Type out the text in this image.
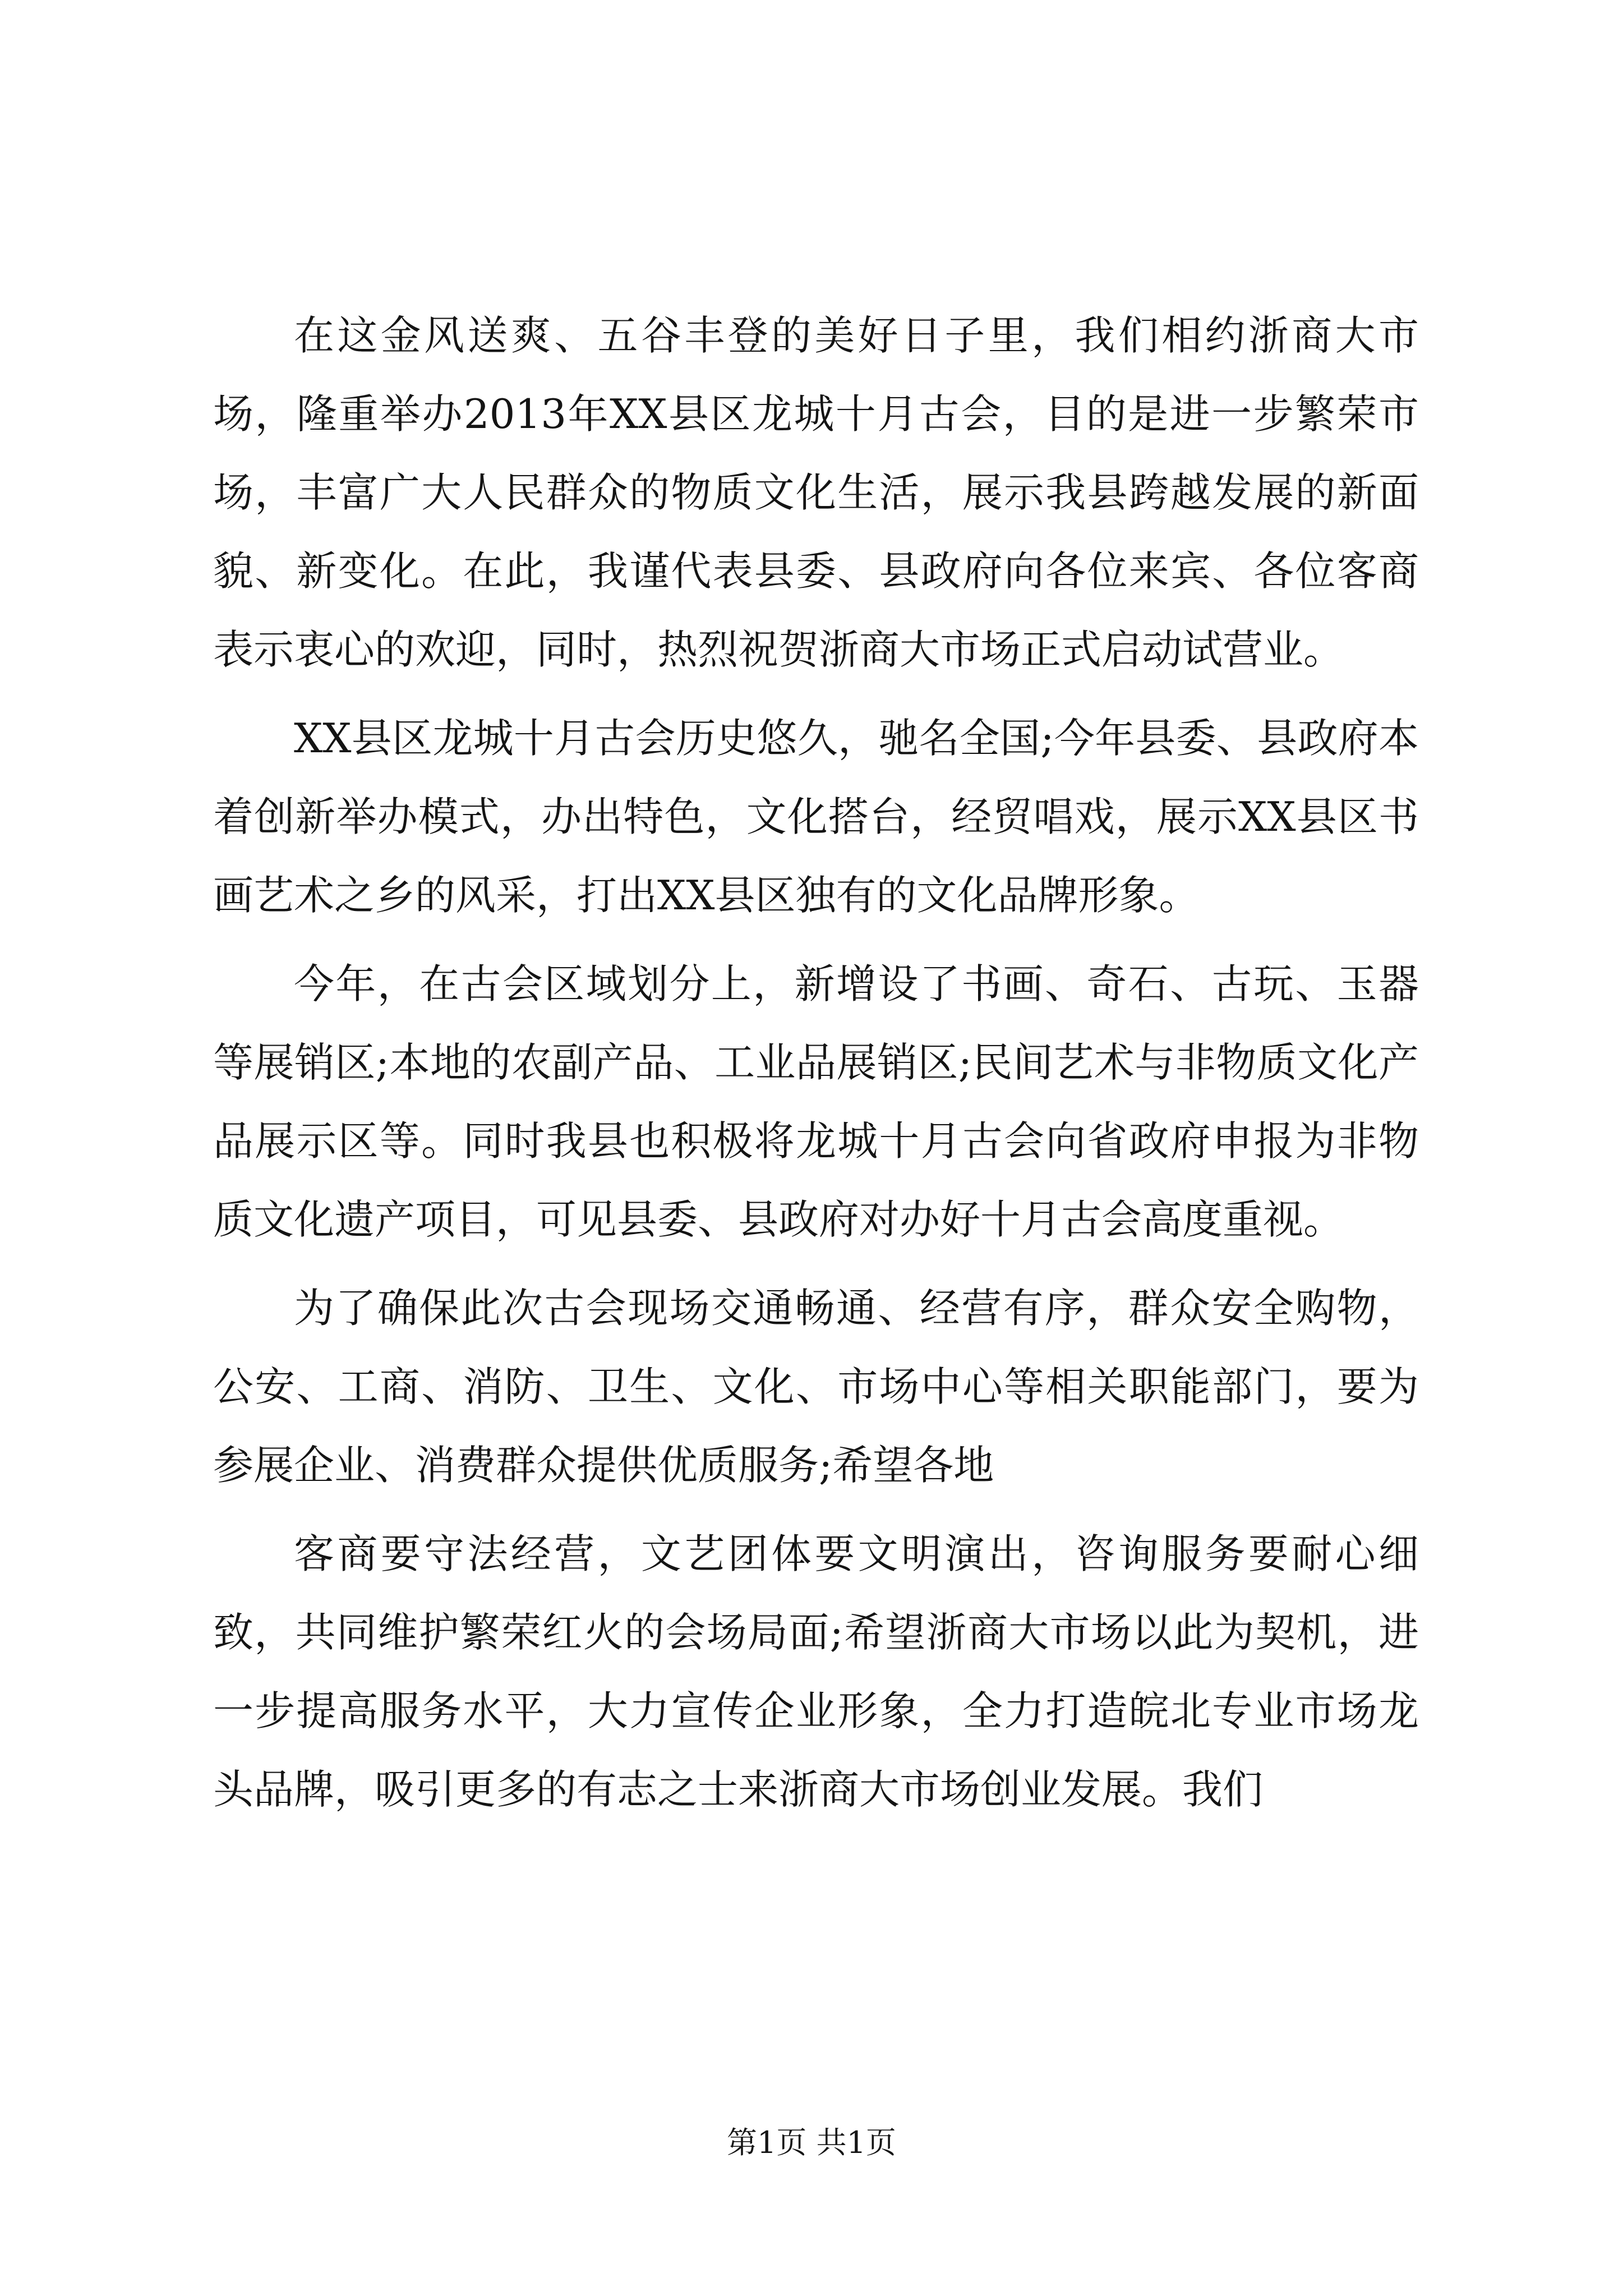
在这金风送爽、五谷丰登的美好日子里，我们相约浙商大市场，隆重举办2013年XX县区龙城十月古会，目的是进一步繁荣市场，丰富广大人民群众的物质文化生活，展示我县跨越发展的新面貌、新变化。在此，我谨代表县委、县政府向各位来宾、各位客商表示衷心的欢迎，同时，热烈祝贺浙商大市场正式启动试营业。

XX县区龙城十月古会历史悠久，驰名全国;今年县委、县政府本着创新举办模式，办出特色，文化搭台，经贸唱戏，展示XX县区书画艺术之乡的风采，打出XX县区独有的文化品牌形象。

今年，在古会区域划分上，新增设了书画、奇石、古玩、玉器等展销区;本地的农副产品、工业品展销区;民间艺术与非物质文化产品展示区等。同时我县也积极将龙城十月古会向省政府申报为非物质文化遗产项目，可见县委、县政府对办好十月古会高度重视。

为了确保此次古会现场交通畅通、经营有序，群众安全购物，公安、工商、消防、卫生、文化、市场中心等相关职能部门，要为参展企业、消费群众提供优质服务;希望各地

客商要守法经营，文艺团体要文明演出，咨询服务要耐心细致，共同维护繁荣红火的会场局面;希望浙商大市场以此为契机，进一步提高服务水平，大力宣传企业形象，全力打造皖北专业市场龙头品牌，吸引更多的有志之士来浙商大市场创业发展。我们

第1页 共1页
